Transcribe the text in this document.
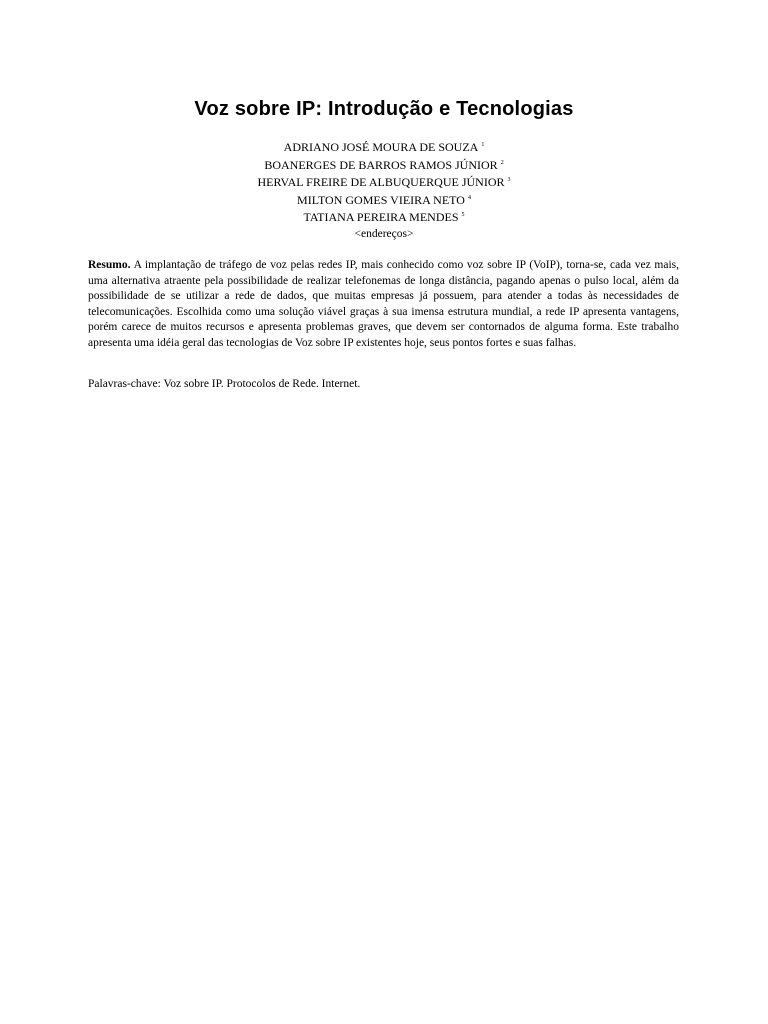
Voz sobre IP: Introdução e Tecnologias
ADRIANO JOSÉ MOURA DE SOUZA $^1$
BOANERGES DE BARROS RAMOS JÚNIOR $^2$
HERVAL FREIRE DE ALBUQUERQUE JÚNIOR $^3$
MILTON GOMES VIEIRA NETO $^4$
TATIANA PEREIRA MENDES $^5$
<endereços>

Resumo. A implantação de tráfego de voz pelas redes IP, mais conhecido como voz sobre IP (VoIP), torna-se, cada vez mais, uma alternativa atraente pela possibilidade de realizar telefonemas de longa distância, pagando apenas o pulso local, além da possibilidade de se utilizar a rede de dados, que muitas empresas já possuem, para atender a todas às necessidades de telecomunicações. Escolhida como uma solução viável graças à sua imensa estrutura mundial, a rede IP apresenta vantagens, porém carece de muitos recursos e apresenta problemas graves, que devem ser contornados de alguma forma. Este trabalho apresenta uma idéia geral das tecnologias de Voz sobre IP existentes hoje, seus pontos fortes e suas falhas.

Palavras-chave: Voz sobre IP. Protocolos de Rede. Internet.
